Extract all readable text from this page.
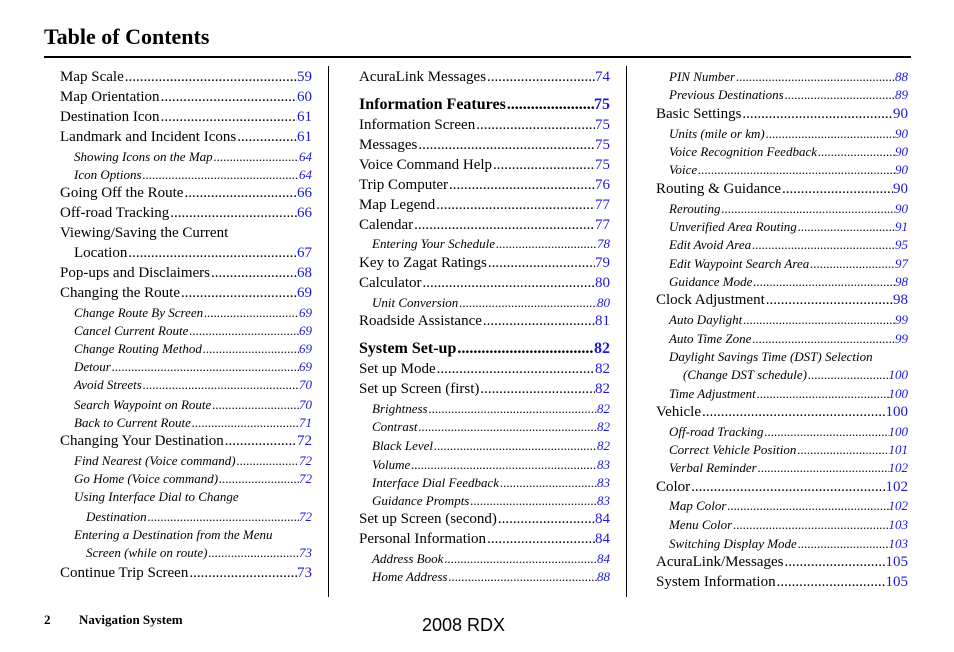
Table of Contents
2 Navigation System	2008 RDX
Map Scale .....	59
Map Orientation .....	60
Destination Icon .....	61
Landmark and Incident Icons .....	61
Showing Icons on the Map .....	64
Icon Options .....	64
Going Off the Route .....	66
Off-road Tracking .....	66
Viewing/Saving the Current
Location .....	67
Pop-ups and Disclaimers .....	68
Changing the Route .....	69
Change Route By Screen .....	69
Cancel Current Route .....	69
Change Routing Method .....	69
Detour .....	69
Avoid Streets .....	70
Search Waypoint on Route .....	70
Back to Current Route .....	71
Changing Your Destination .....	72
Find Nearest (Voice command) .....	72
Go Home (Voice command) .....	72
Using Interface Dial to Change
Destination .....	72
Entering a Destination from the Menu
Screen (while on route) .....	73
Continue Trip Screen .....	73
AcuraLink Messages .....	74
Information Features .....	75
Information Screen .....	75
Messages .....	75
Voice Command Help .....	75
Trip Computer .....	76
Map Legend .....	77
Calendar .....	77
Entering Your Schedule .....	78
Key to Zagat Ratings .....	79
Calculator .....	80
Unit Conversion .....	80
Roadside Assistance .....	81
System Set-up .....	82
Set up Mode .....	82
Set up Screen (first) .....	82
Brightness .....	82
Contrast .....	82
Black Level .....	82
Volume .....	83
Interface Dial Feedback .....	83
Guidance Prompts .....	83
Set up Screen (second) .....	84
Personal Information .....	84
Address Book .....	84
Home Address .....	88
PIN Number .....	88
Previous Destinations .....	89
Basic Settings .....	90
Units (mile or km) .....	90
Voice Recognition Feedback .....	90
Voice .....	90
Routing & Guidance .....	90
Rerouting .....	90
Unverified Area Routing .....	91
Edit Avoid Area .....	95
Edit Waypoint Search Area .....	97
Guidance Mode .....	98
Clock Adjustment .....	98
Auto Daylight .....	99
Auto Time Zone .....	99
Daylight Savings Time (DST) Selection
(Change DST schedule) .....	100
Time Adjustment .....	100
Vehicle .....	100
Off-road Tracking .....	100
Correct Vehicle Position .....	101
Verbal Reminder .....	102
Color .....	102
Map Color .....	102
Menu Color .....	103
Switching Display Mode .....	103
AcuraLink/Messages .....	105
System Information .....	105
